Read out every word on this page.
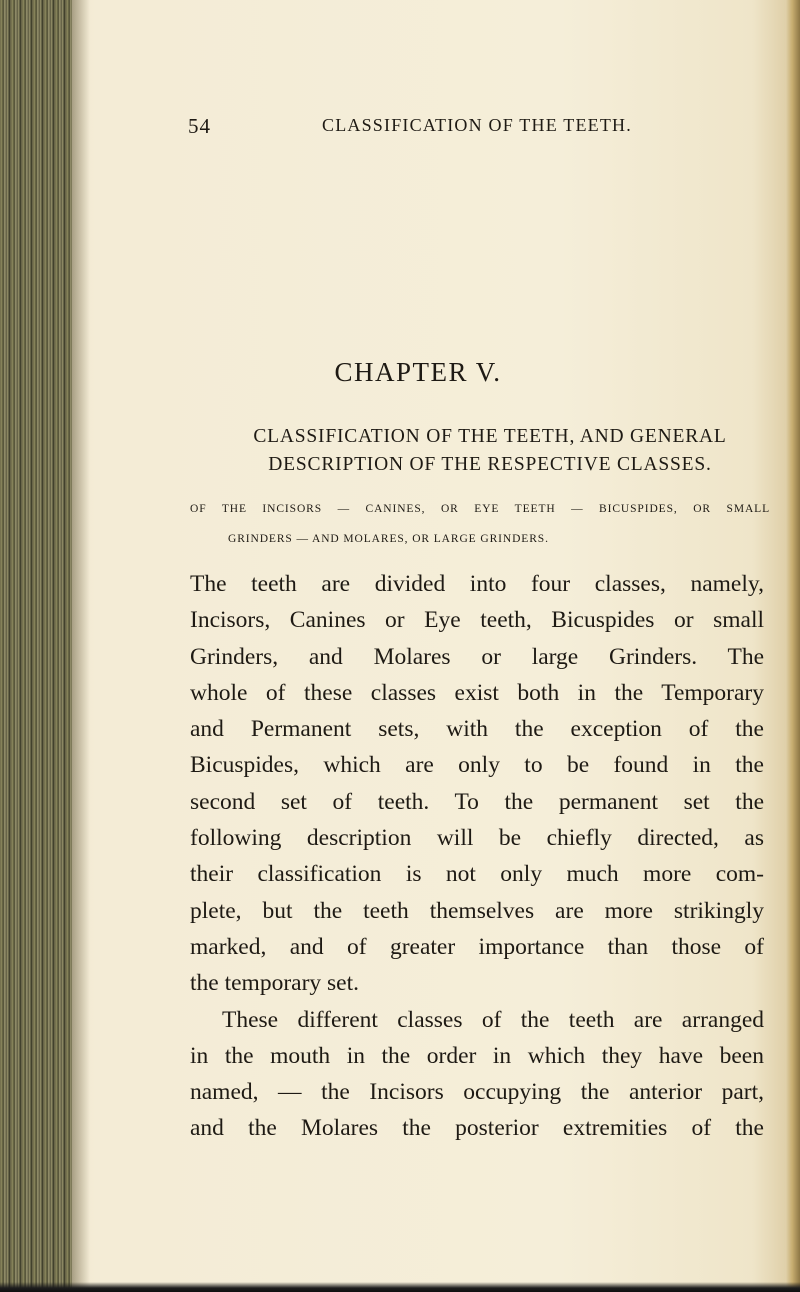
54	CLASSIFICATION OF THE TEETH.
CHAPTER V.
CLASSIFICATION OF THE TEETH, AND GENERAL
DESCRIPTION OF THE RESPECTIVE CLASSES.
OF THE INCISORS — CANINES, OR EYE TEETH — BICUSPIDES, OR SMALL
GRINDERS — AND MOLARES, OR LARGE GRINDERS.
The teeth are divided into four classes, namely,
Incisors, Canines or Eye teeth, Bicuspides or small
Grinders, and Molares or large Grinders. The
whole of these classes exist both in the Temporary
and Permanent sets, with the exception of the
Bicuspides, which are only to be found in the
second set of teeth. To the permanent set the
following description will be chiefly directed, as
their classification is not only much more com-
plete, but the teeth themselves are more strikingly
marked, and of greater importance than those of
the temporary set.
These different classes of the teeth are arranged
in the mouth in the order in which they have been
named, — the Incisors occupying the anterior part,
and the Molares the posterior extremities of the
